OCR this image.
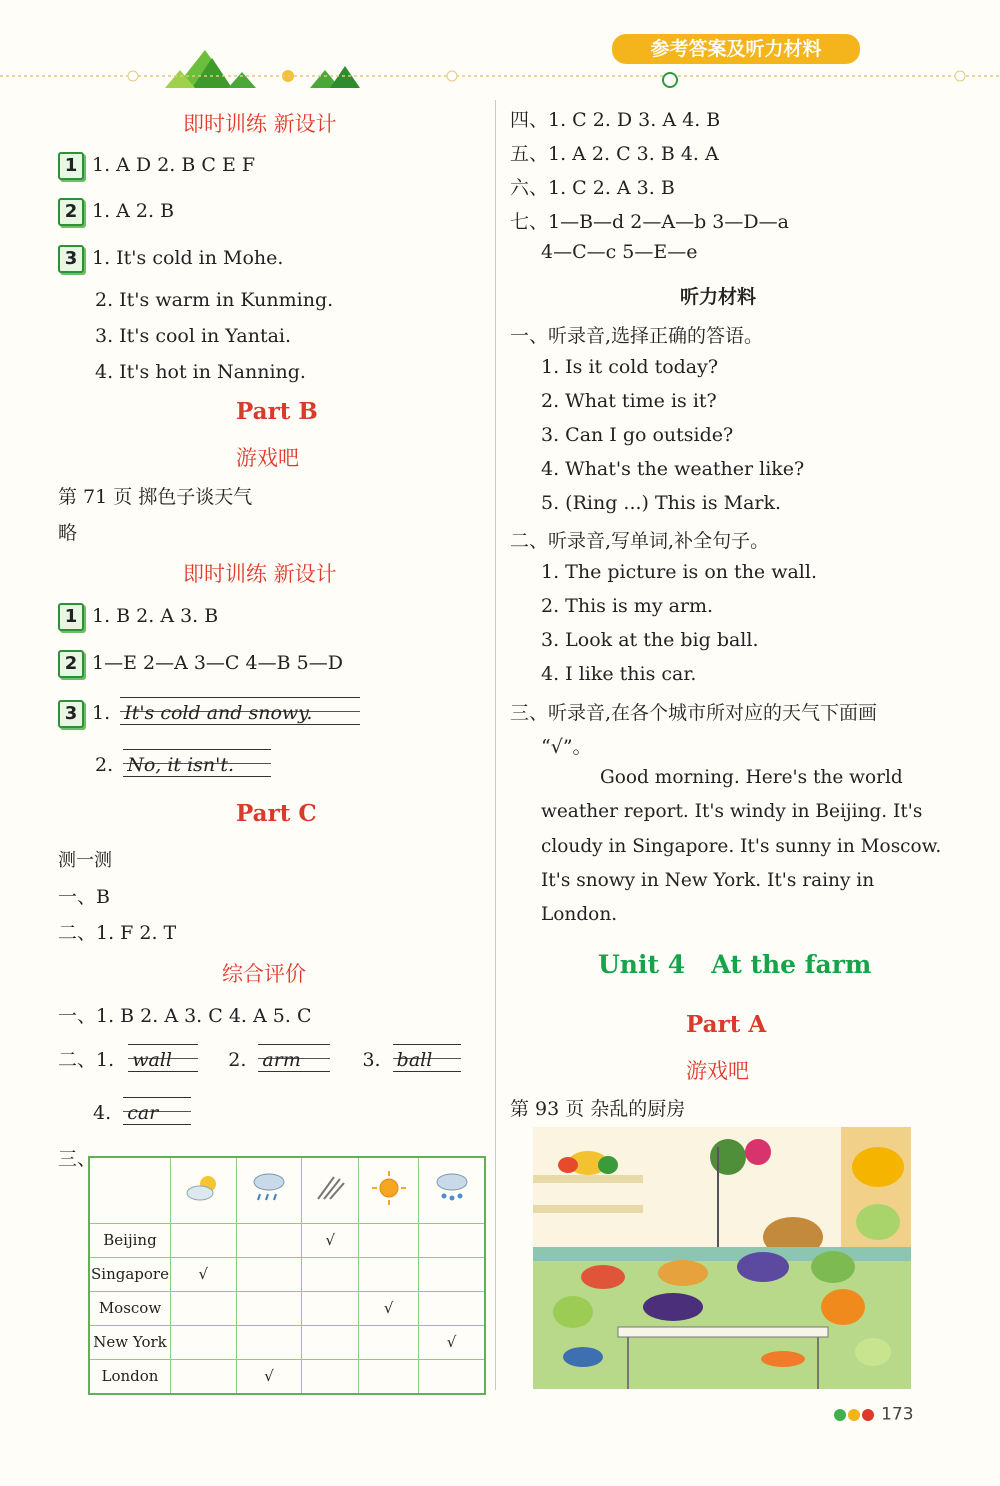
参考答案及听力材料
即时训练 新设计
1 1. A D 2. B C E F
2 1. A 2. B
3 1. It's cold in Mohe.
2. It's warm in Kunming.
3. It's cool in Yantai.
4. It's hot in Nanning.
Part B
游戏吧
第 71 页 掷色子谈天气
略
即时训练 新设计
1 1. B 2. A 3. B
2 1—E 2—A 3—C 4—B 5—D
3 1. It's cold and snowy.
2. No, it isn't.
Part C
测一测
一、B
二、1. F 2. T
综合评价
一、1. B 2. A 3. C 4. A 5. C
二、1. wall	2. arm	3. ball
4. car
三、

Beijing			√		
Singapore	√				
Moscow				√	
New York					√
London		√			
四、1. C 2. D 3. A 4. B
五、1. A 2. C 3. B 4. A
六、1. C 2. A 3. B
七、1—B—d 2—A—b 3—D—a
4—C—c 5—E—e
听力材料
一、听录音,选择正确的答语。
1. Is it cold today?
2. What time is it?
3. Can I go outside?
4. What's the weather like?
5. (Ring ...) This is Mark.
二、听录音,写单词,补全句子。
1. The picture is on the wall.
2. This is my arm.
3. Look at the big ball.
4. I like this car.
三、听录音,在各个城市所对应的天气下面画
“√”。
Good morning. Here's the world
weather report. It's windy in Beijing. It's
cloudy in Singapore. It's sunny in Moscow.
It's snowy in New York. It's rainy in
London.
Unit 4   At the farm
Part A
游戏吧
第 93 页 杂乱的厨房
173
